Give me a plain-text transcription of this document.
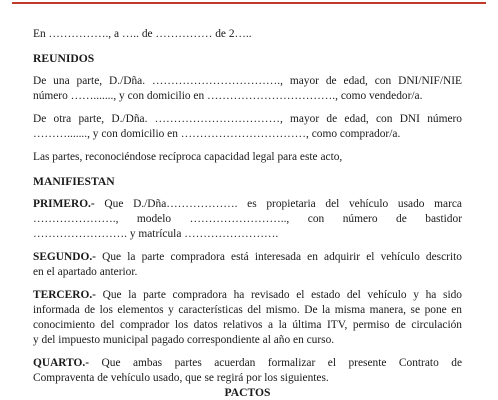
En ……………., a ….. de …………… de 2…..

REUNIDOS

De una parte, D./Dña. ……………………………., mayor de edad, con DNI/NIF/NIE

número ……......., y con domicilio en ……………………………., como vendedor/a.

De otra parte, D./Dña. ……………………………, mayor de edad, con DNI número

………......., y con domicilio en ……………………………, como comprador/a.

Las partes, reconociéndose recíproca capacidad legal para este acto,

MANIFIESTAN

PRIMERO.- Que D./Dña………………. es propietaria del vehículo usado marca

…………………., modelo …………………….., con número de bastidor

……………………. y matrícula …………………….

SEGUNDO.- Que la parte compradora está interesada en adquirir el vehículo descrito

en el apartado anterior.

TERCERO.- Que la parte compradora ha revisado el estado del vehículo y ha sido

informada de los elementos y características del mismo. De la misma manera, se pone en

conocimiento del comprador los datos relativos a la última ITV, permiso de circulación

y del impuesto municipal pagado correspondiente al año en curso.

QUARTO.- Que ambas partes acuerdan formalizar el presente Contrato de

Compraventa de vehículo usado, que se regirá por los siguientes.

PACTOS
